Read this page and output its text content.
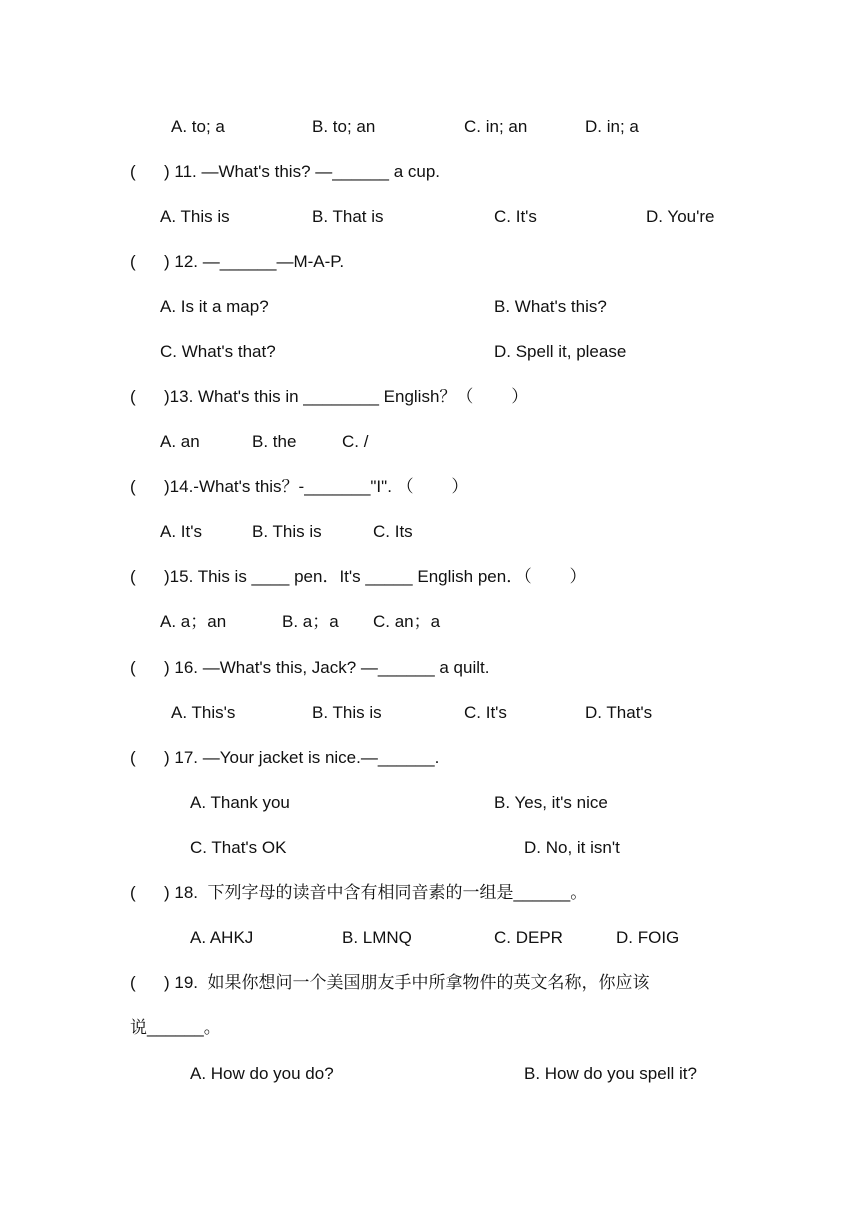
A. to; a	B. to; an	C. in; an	D. in; a
(      ) 11. —What's this? —______ a cup.
A. This is	B. That is	C. It's	D. You're
(      ) 12. —______—M-A-P.
A. Is it a map?	B. What's this?
C. What's that?	D. Spell it, please
(      )13. What's this in ________ English？（        ）
A. an	B. the	C. /
(      )14.-What's this？-_______"I". （        ）
A. It's	B. This is	C. Its
(      )15. This is ____ pen．It's _____ English pen．（        ）
A. a；an	B. a；a C. an；a
(      ) 16. —What's this, Jack? —______ a quilt.
A. This's	B. This is	C. It's	D. That's
(      ) 17. —Your jacket is nice.—______.
A. Thank you	B. Yes, it's nice
C. That's OK	D. No, it isn't
(      ) 18.  下列字母的读音中含有相同音素的一组是______。
A. AHKJ	B. LMNQ	C. DEPR	D. FOIG
(      ) 19.  如果你想问一个美国朋友手中所拿物件的英文名称，你应该
说______。
A. How do you do?	B. How do you spell it?
